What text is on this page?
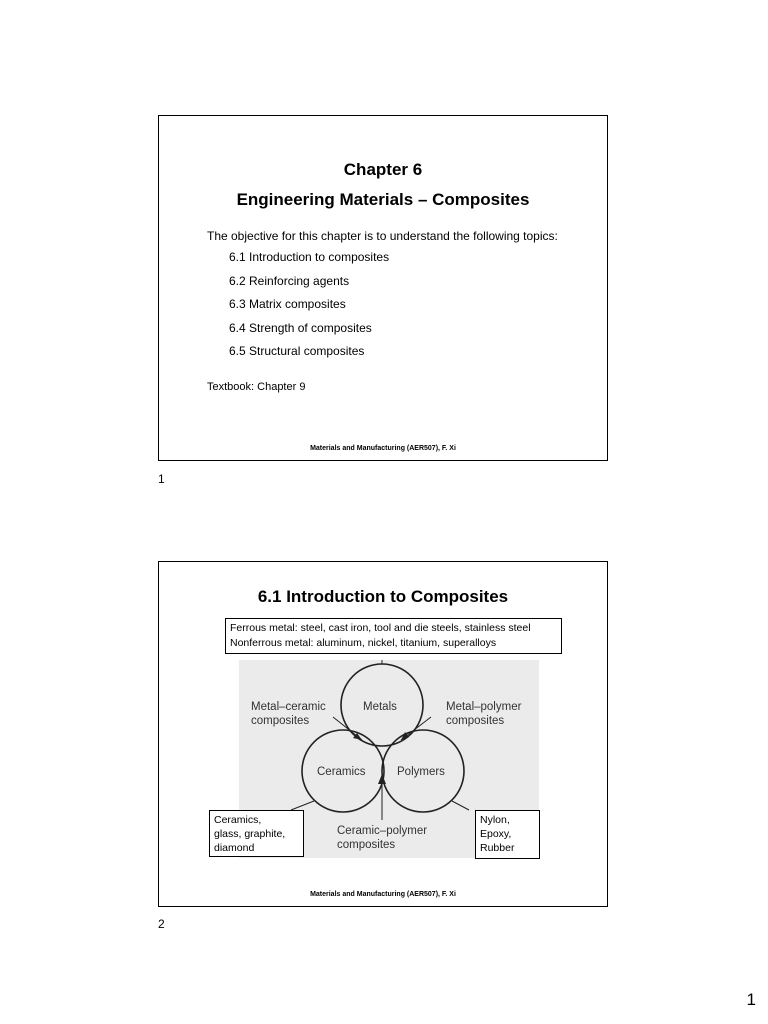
Chapter 6
Engineering Materials – Composites
The objective for this chapter is to understand the following topics:
6.1 Introduction to composites
6.2 Reinforcing agents
6.3 Matrix composites
6.4 Strength of composites
6.5 Structural composites
Textbook: Chapter 9
Materials and Manufacturing (AER507), F. Xi
1
6.1 Introduction to Composites
Ferrous metal: steel, cast iron, tool and die steels, stainless steel
Nonferrous metal: aluminum, nickel, titanium, superalloys
Metals
Ceramics	Polymers
Metal–ceramic
composites
Metal–polymer
composites
Ceramic–polymer
composites
Ceramics,
glass, graphite,
diamond
Nylon,
Epoxy,
Rubber
Materials and Manufacturing (AER507), F. Xi
2
1
